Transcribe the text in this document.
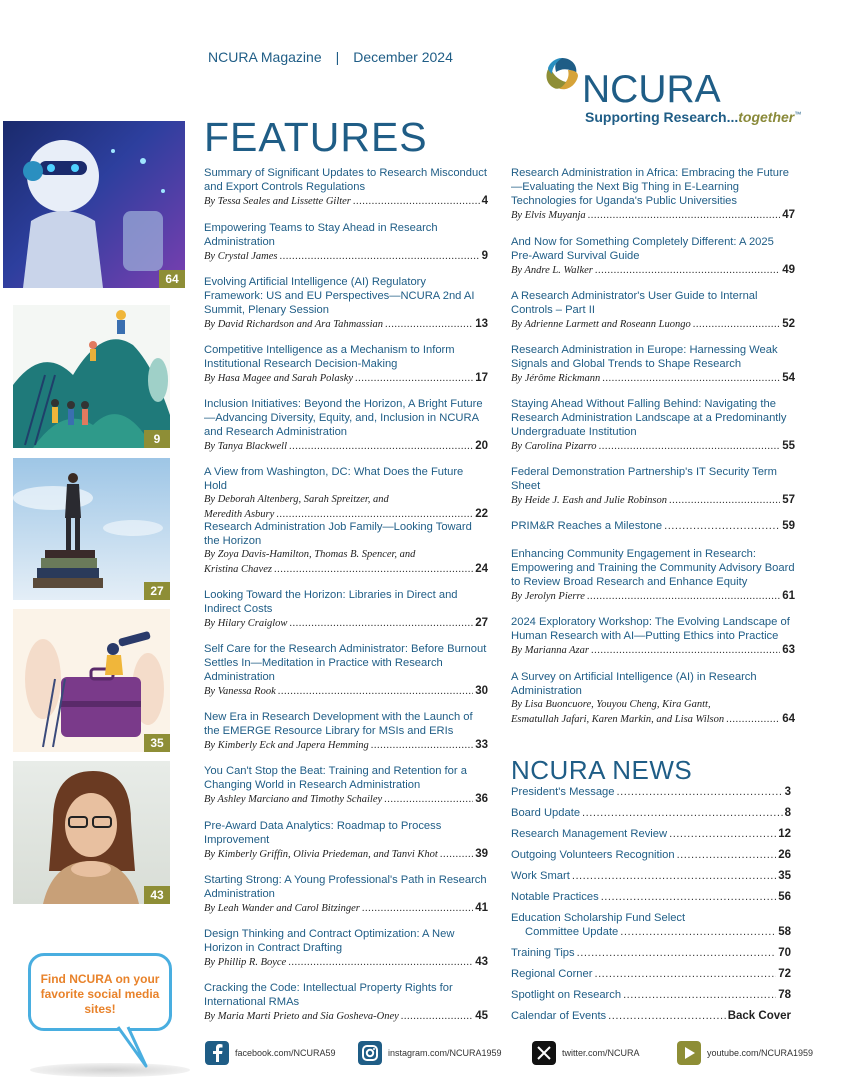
NCURA Magazine | December 2024
NCURA
Supporting Research...together™
FEATURES
Summary of Significant Updates to Research Misconduct and Export Controls Regulations
By Tessa Seales and Lissette Gilter .....	4
Empowering Teams to Stay Ahead in Research Administration
By Crystal James .....	9
Evolving Artificial Intelligence (AI) Regulatory Framework: US and EU Perspectives—NCURA 2nd AI Summit, Plenary Session
By David Richardson and Ara Tahmassian .....	13
Competitive Intelligence as a Mechanism to Inform Institutional Research Decision-Making
By Hasa Magee and Sarah Polasky .....	17
Inclusion Initiatives: Beyond the Horizon, A Bright Future—Advancing Diversity, Equity, and, Inclusion in NCURA and Research Administration
By Tanya Blackwell .....	20
A View from Washington, DC: What Does the Future Hold
By Deborah Altenberg, Sarah Spreitzer, and
Meredith Asbury .....	22
Research Administration Job Family—Looking Toward the Horizon
By Zoya Davis-Hamilton, Thomas B. Spencer, and
Kristina Chavez .....	24
Looking Toward the Horizon: Libraries in Direct and Indirect Costs
By Hilary Craiglow .....	27
Self Care for the Research Administrator: Before Burnout Settles In—Meditation in Practice with Research Administration
By Vanessa Rook .....	30
New Era in Research Development with the Launch of the EMERGE Resource Library for MSIs and ERIs
By Kimberly Eck and Japera Hemming .....	33
You Can't Stop the Beat: Training and Retention for a Changing World in Research Administration
By Ashley Marciano and Timothy Schailey .....	36
Pre-Award Data Analytics: Roadmap to Process Improvement
By Kimberly Griffin, Olivia Priedeman, and Tanvi Khot .....	39
Starting Strong: A Young Professional's Path in Research Administration
By Leah Wander and Carol Bitzinger .....	41
Design Thinking and Contract Optimization: A New Horizon in Contract Drafting
By Phillip R. Boyce .....	43
Cracking the Code: Intellectual Property Rights for International RMAs
By Maria Marti Prieto and Sia Gosheva-Oney .....	45
Research Administration in Africa: Embracing the Future—Evaluating the Next Big Thing in E-Learning Technologies for Uganda's Public Universities
By Elvis Muyanja .....	47
And Now for Something Completely Different: A 2025 Pre-Award Survival Guide
By Andre L. Walker .....	49
A Research Administrator's User Guide to Internal Controls – Part II
By Adrienne Larmett and Roseann Luongo .....	52
Research Administration in Europe: Harnessing Weak Signals and Global Trends to Shape Research
By Jérôme Rickmann .....	54
Staying Ahead Without Falling Behind: Navigating the Research Administration Landscape at a Predominantly Undergraduate Institution
By Carolina Pizarro .....	55
Federal Demonstration Partnership's IT Security Term Sheet
By Heide J. Eash and Julie Robinson .....	57
PRIM&R Reaches a Milestone .....	59
Enhancing Community Engagement in Research: Empowering and Training the Community Advisory Board to Review Broad Research and Enhance Equity
By Jerolyn Pierre .....	61
2024 Exploratory Workshop: The Evolving Landscape of Human Research with AI—Putting Ethics into Practice
By Marianna Azar .....	63
A Survey on Artificial Intelligence (AI) in Research Administration
By Lisa Buoncuore, Youyou Cheng, Kira Gantt,
Esmatullah Jafari, Karen Markin, and Lisa Wilson .....	64
NCURA NEWS
President's Message .....	3
Board Update .....	8
Research Management Review .....	12
Outgoing Volunteers Recognition .....	26
Work Smart .....	35
Notable Practices .....	56
Education Scholarship Fund Select
Committee Update .....	58
Training Tips .....	70
Regional Corner .....	72
Spotlight on Research .....	78
Calendar of Events .....	Back Cover
64
9
27
35
43
Find NCURA on your favorite social media sites!
facebook.com/NCURA59	instagram.com/NCURA1959	twitter.com/NCURA	youtube.com/NCURA1959
